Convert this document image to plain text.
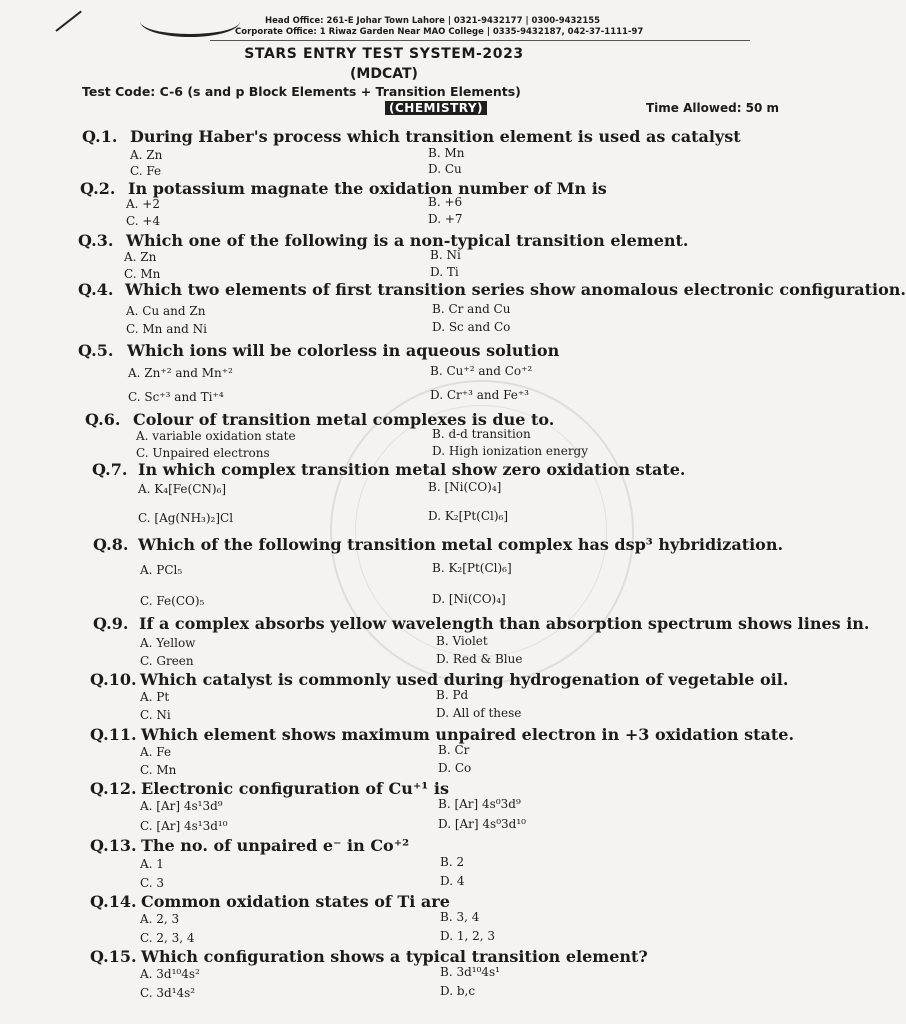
Head Office: 261-E Johar Town Lahore | 0321-9432177 | 0300-9432155
Corporate Office: 1 Riwaz Garden Near MAO College | 0335-9432187, 042-37-1111-97
STARS ENTRY TEST SYSTEM-2023
(MDCAT)
Test Code: C-6 (s and p Block Elements + Transition Elements)
(CHEMISTRY)	Time Allowed: 50 m
Q.1. During Haber's process which transition element is used as catalyst
A. Zn	B. Mn
C. Fe	D. Cu
Q.2. In potassium magnate the oxidation number of Mn is
A. +2	B. +6
C. +4	D. +7
Q.3. Which one of the following is a non-typical transition element.
A. Zn	B. Ni
C. Mn	D. Ti
Q.4. Which two elements of first transition series show anomalous electronic configuration.
A. Cu and Zn	B. Cr and Cu
C. Mn and Ni	D. Sc and Co
Q.5. Which ions will be colorless in aqueous solution
A. Zn⁺² and Mn⁺²	B. Cu⁺² and Co⁺²
C. Sc⁺³ and Ti⁺⁴	D. Cr⁺³ and Fe⁺³
Q.6. Colour of transition metal complexes is due to.
A. variable oxidation state	B. d-d transition
C. Unpaired electrons	D. High ionization energy
Q.7. In which complex transition metal show zero oxidation state.
A. K₄[Fe(CN)₆]	B. [Ni(CO)₄]
C. [Ag(NH₃)₂]Cl	D. K₂[Pt(Cl)₆]
Q.8. Which of the following transition metal complex has dsp³ hybridization.
A. PCl₅	B. K₂[Pt(Cl)₆]
C. Fe(CO)₅	D. [Ni(CO)₄]
Q.9. If a complex absorbs yellow wavelength than absorption spectrum shows lines in.
A. Yellow	B. Violet
C. Green	D. Red & Blue
Q.10. Which catalyst is commonly used during hydrogenation of vegetable oil.
A. Pt	B. Pd
C. Ni	D. All of these
Q.11. Which element shows maximum unpaired electron in +3 oxidation state.
A. Fe	B. Cr
C. Mn	D. Co
Q.12. Electronic configuration of Cu⁺¹ is
A. [Ar] 4s¹3d⁹	B. [Ar] 4s⁰3d⁹
C. [Ar] 4s¹3d¹⁰	D. [Ar] 4s⁰3d¹⁰
Q.13. The no. of unpaired e⁻ in Co⁺²
A. 1	B. 2
C. 3	D. 4
Q.14. Common oxidation states of Ti are
A. 2, 3	B. 3, 4
C. 2, 3, 4	D. 1, 2, 3
Q.15. Which configuration shows a typical transition element?
A. 3d¹⁰4s²	B. 3d¹⁰4s¹
C. 3d¹4s²	D. b,c
